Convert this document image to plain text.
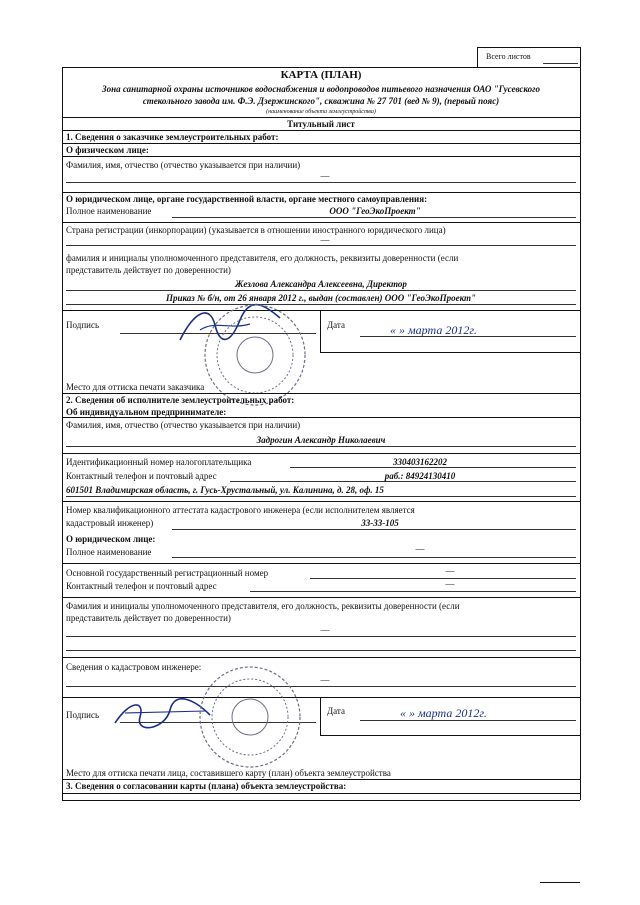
Всего листов
КАРТА (ПЛАН)
Зона санитарной охраны источников водоснабжения и водопроводов питьевого назначения ОАО "Гусевского
стекольного завода им. Ф.Э. Дзержинского", скважина № 27 701 (вед № 9), (первый пояс)
(наименование объекта землеустройства)
Титульный лист
1. Сведения о заказчике землеустроительных работ:
О физическом лице:
Фамилия, имя, отчество (отчество указывается при наличии)
—
О юридическом лице, органе государственной власти, органе местного самоуправления:
Полное наименование	ООО "ГеоЭкоПроект"
Страна регистрации (инкорпорации) (указывается в отношении иностранного юридического лица)
—
фамилия и инициалы уполномоченного представителя, его должность, реквизиты доверенности (если
представитель действует по доверенности)
Жезлова Александра Алексеевна, Директор
Приказ № б/н, от 26 января 2012 г., выдан (составлен) ООО "ГеоЭкоПроект"
Подпись	Дата	« » марта 2012г.
Место для оттиска печати заказчика
2. Сведения об исполнителе землеустроительных работ:
Об индивидуальном предпринимателе:
Фамилия, имя, отчество (отчество указывается при наличии)
Задрогин Александр Николаевич
Идентификационный номер налогоплательщика	330403162202
Контактный телефон и почтовый адрес	раб.: 84924130410
601501 Владимирская область, г. Гусь-Хрустальный, ул. Калинина, д. 28, оф. 15
Номер квалификационного аттестата кадастрового инженера (если исполнителем является
кадастровый инженер)	33-33-105
О юридическом лице:
Полное наименование	—
Основной государственный регистрационный номер	—
Контактный телефон и почтовый адрес	—
Фамилия и инициалы уполномоченного представителя, его должность, реквизиты доверенности (если
представитель действует по доверенности)
—
Сведения о кадастровом инженере:
—
Подпись	Дата	« » марта 2012г.
Место для оттиска печати лица, составившего карту (план) объекта землеустройства
3. Сведения о согласовании карты (плана) объекта землеустройства:
